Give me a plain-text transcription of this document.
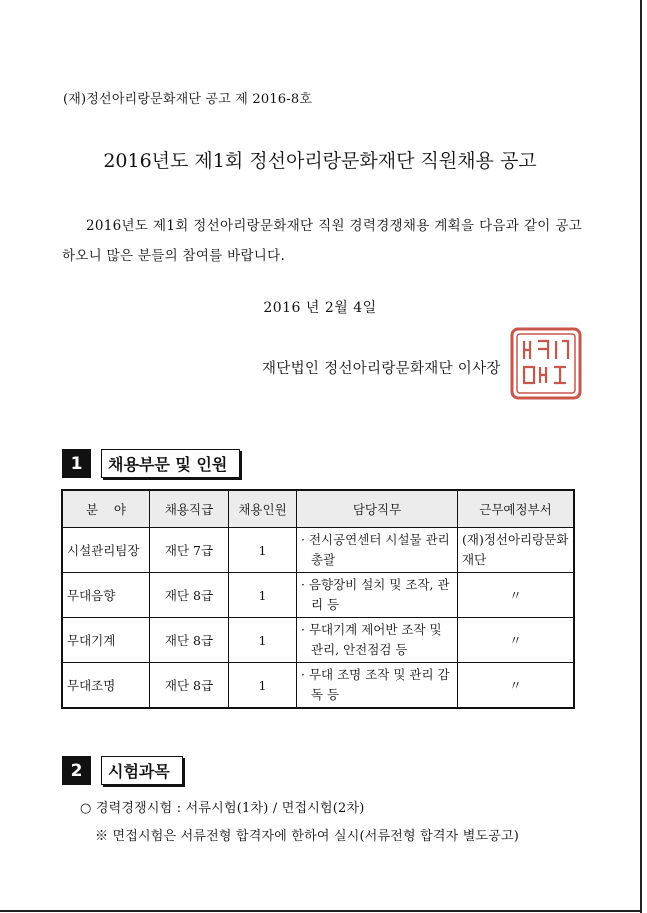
(재)정선아리랑문화재단 공고 제 2016-8호
2016년도 제1회 정선아리랑문화재단 직원채용 공고
2016년도 제1회 정선아리랑문화재단 직원 경력경쟁채용 계획을 다음과 같이 공고하오니 많은 분들의 참여를 바랍니다.
2016 년 2월 4일
재단법인 정선아리랑문화재단 이사장
1	채용부문 및 인원
분    야	채용직급	채용인원	담당직무	근무예정부서
시설관리팀장	재단 7급	1	· 전시공연센터 시설물 관리 총괄	(재)정선아리랑문화재단

무대음향	재단 8급	1	· 음향장비 설치 및 조작, 관리 등	〃
무대기계	재단 8급	1	· 무대기계 제어반 조작 및 관리, 안전점검 등	〃
무대조명	재단 8급	1	· 무대 조명 조작 및 관리 감독 등	〃
2	시험과목
○ 경력경쟁시험 : 서류시험(1차) / 면접시험(2차)
※ 면접시험은 서류전형 합격자에 한하여 실시(서류전형 합격자 별도공고)
